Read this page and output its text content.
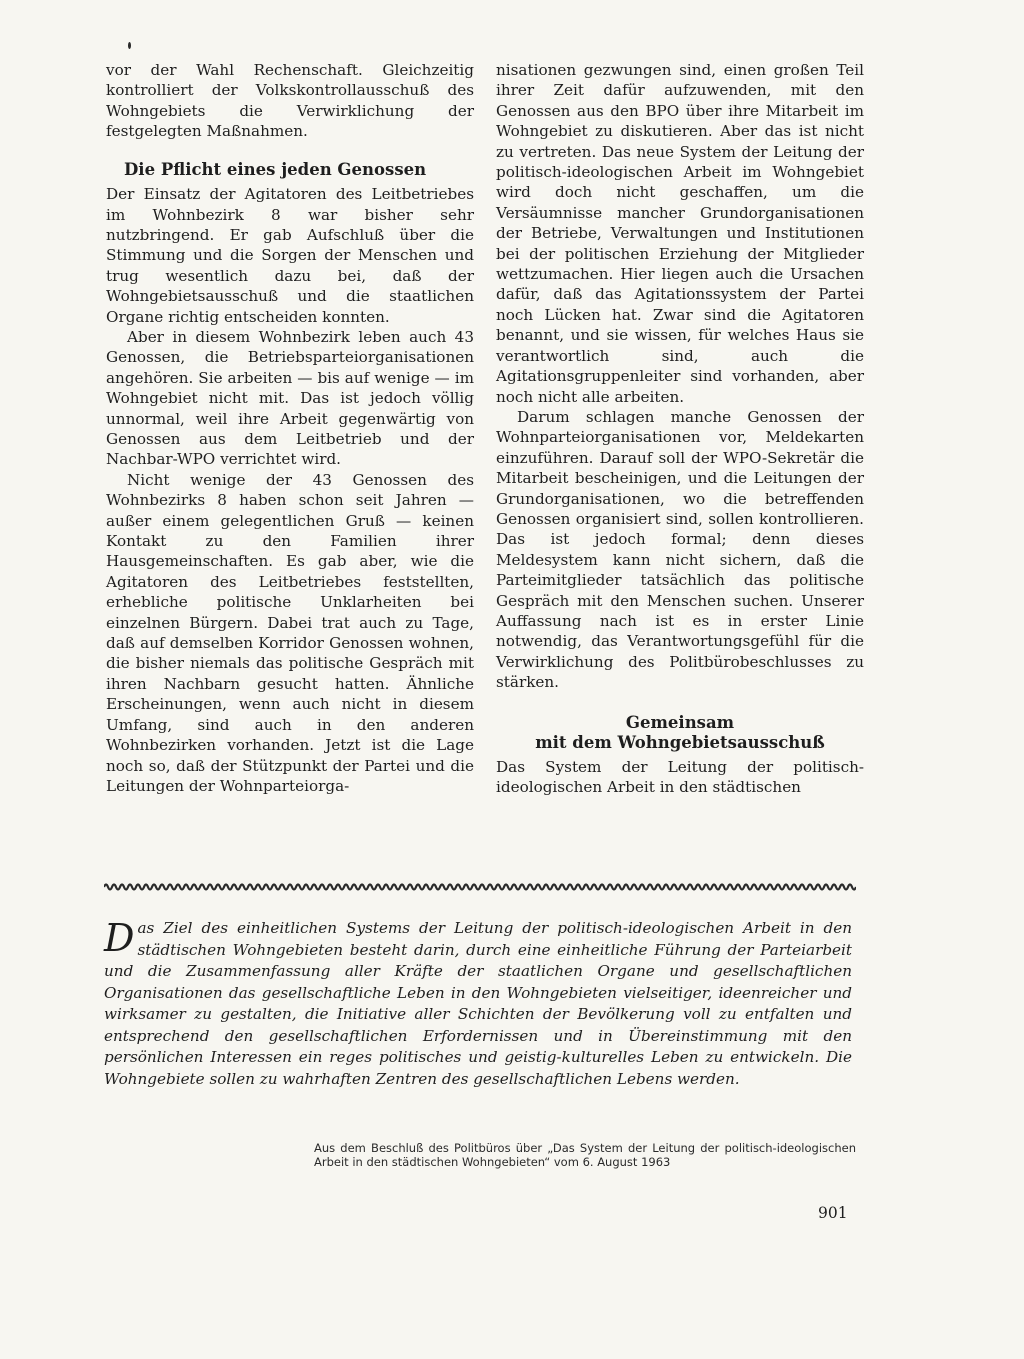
vor der Wahl Rechenschaft. Gleichzeitig kontrolliert der Volkskontrollausschuß des Wohngebiets die Verwirklichung der festgelegten Maßnahmen.

Die Pflicht eines jeden Genossen

Der Einsatz der Agitatoren des Leitbetriebes im Wohnbezirk 8 war bisher sehr nutzbringend. Er gab Aufschluß über die Stimmung und die Sorgen der Menschen und trug wesentlich dazu bei, daß der Wohngebietsausschuß und die staatlichen Organe richtig entscheiden konnten.

Aber in diesem Wohnbezirk leben auch 43 Genossen, die Betriebsparteiorganisationen angehören. Sie arbeiten — bis auf wenige — im Wohngebiet nicht mit. Das ist jedoch völlig unnormal, weil ihre Arbeit gegenwärtig von Genossen aus dem Leitbetrieb und der Nachbar-WPO verrichtet wird.

Nicht wenige der 43 Genossen des Wohnbezirks 8 haben schon seit Jahren — außer einem gelegentlichen Gruß — keinen Kontakt zu den Familien ihrer Hausgemeinschaften. Es gab aber, wie die Agitatoren des Leitbetriebes feststellten, erhebliche politische Unklarheiten bei einzelnen Bürgern. Dabei trat auch zu Tage, daß auf demselben Korridor Genossen wohnen, die bisher niemals das politische Gespräch mit ihren Nachbarn gesucht hatten. Ähnliche Erscheinungen, wenn auch nicht in diesem Umfang, sind auch in den anderen Wohnbezirken vorhanden. Jetzt ist die Lage noch so, daß der Stützpunkt der Partei und die Leitungen der Wohnparteiorga-

nisationen gezwungen sind, einen großen Teil ihrer Zeit dafür aufzuwenden, mit den Genossen aus den BPO über ihre Mitarbeit im Wohngebiet zu diskutieren. Aber das ist nicht zu vertreten. Das neue System der Leitung der politisch-ideologischen Arbeit im Wohngebiet wird doch nicht geschaffen, um die Versäumnisse mancher Grundorganisationen der Betriebe, Verwaltungen und Institutionen bei der politischen Erziehung der Mitglieder wettzumachen. Hier liegen auch die Ursachen dafür, daß das Agitationssystem der Partei noch Lücken hat. Zwar sind die Agitatoren benannt, und sie wissen, für welches Haus sie verantwortlich sind, auch die Agitationsgruppenleiter sind vorhanden, aber noch nicht alle arbeiten.

Darum schlagen manche Genossen der Wohnparteiorganisationen vor, Meldekarten einzuführen. Darauf soll der WPO-Sekretär die Mitarbeit bescheinigen, und die Leitungen der Grundorganisationen, wo die betreffenden Genossen organisiert sind, sollen kontrollieren. Das ist jedoch formal; denn dieses Meldesystem kann nicht sichern, daß die Parteimitglieder tatsächlich das politische Gespräch mit den Menschen suchen. Unserer Auffassung nach ist es in erster Linie notwendig, das Verantwortungsgefühl für die Verwirklichung des Politbürobeschlusses zu stärken.

Gemeinsam
mit dem Wohngebietsausschuß

Das System der Leitung der politisch-ideologischen Arbeit in den städtischen

D as Ziel des einheitlichen Systems der Leitung der politisch-ideologischen Arbeit in den städtischen Wohngebieten besteht darin, durch eine einheitliche Führung der Parteiarbeit und die Zusammenfassung aller Kräfte der staatlichen Organe und gesellschaftlichen Organisationen das gesellschaftliche Leben in den Wohngebieten vielseitiger, ideenreicher und wirksamer zu gestalten, die Initiative aller Schichten der Bevölkerung voll zu entfalten und entsprechend den gesellschaftlichen Erfordernissen und in Übereinstimmung mit den persönlichen Interessen ein reges politisches und geistig-kulturelles Leben zu entwickeln. Die Wohngebiete sollen zu wahrhaften Zentren des gesellschaftlichen Lebens werden.
Aus dem Beschluß des Politbüros über „Das System der Leitung der politisch-ideologischen Arbeit in den städtischen Wohngebieten“ vom 6. August 1963
901
